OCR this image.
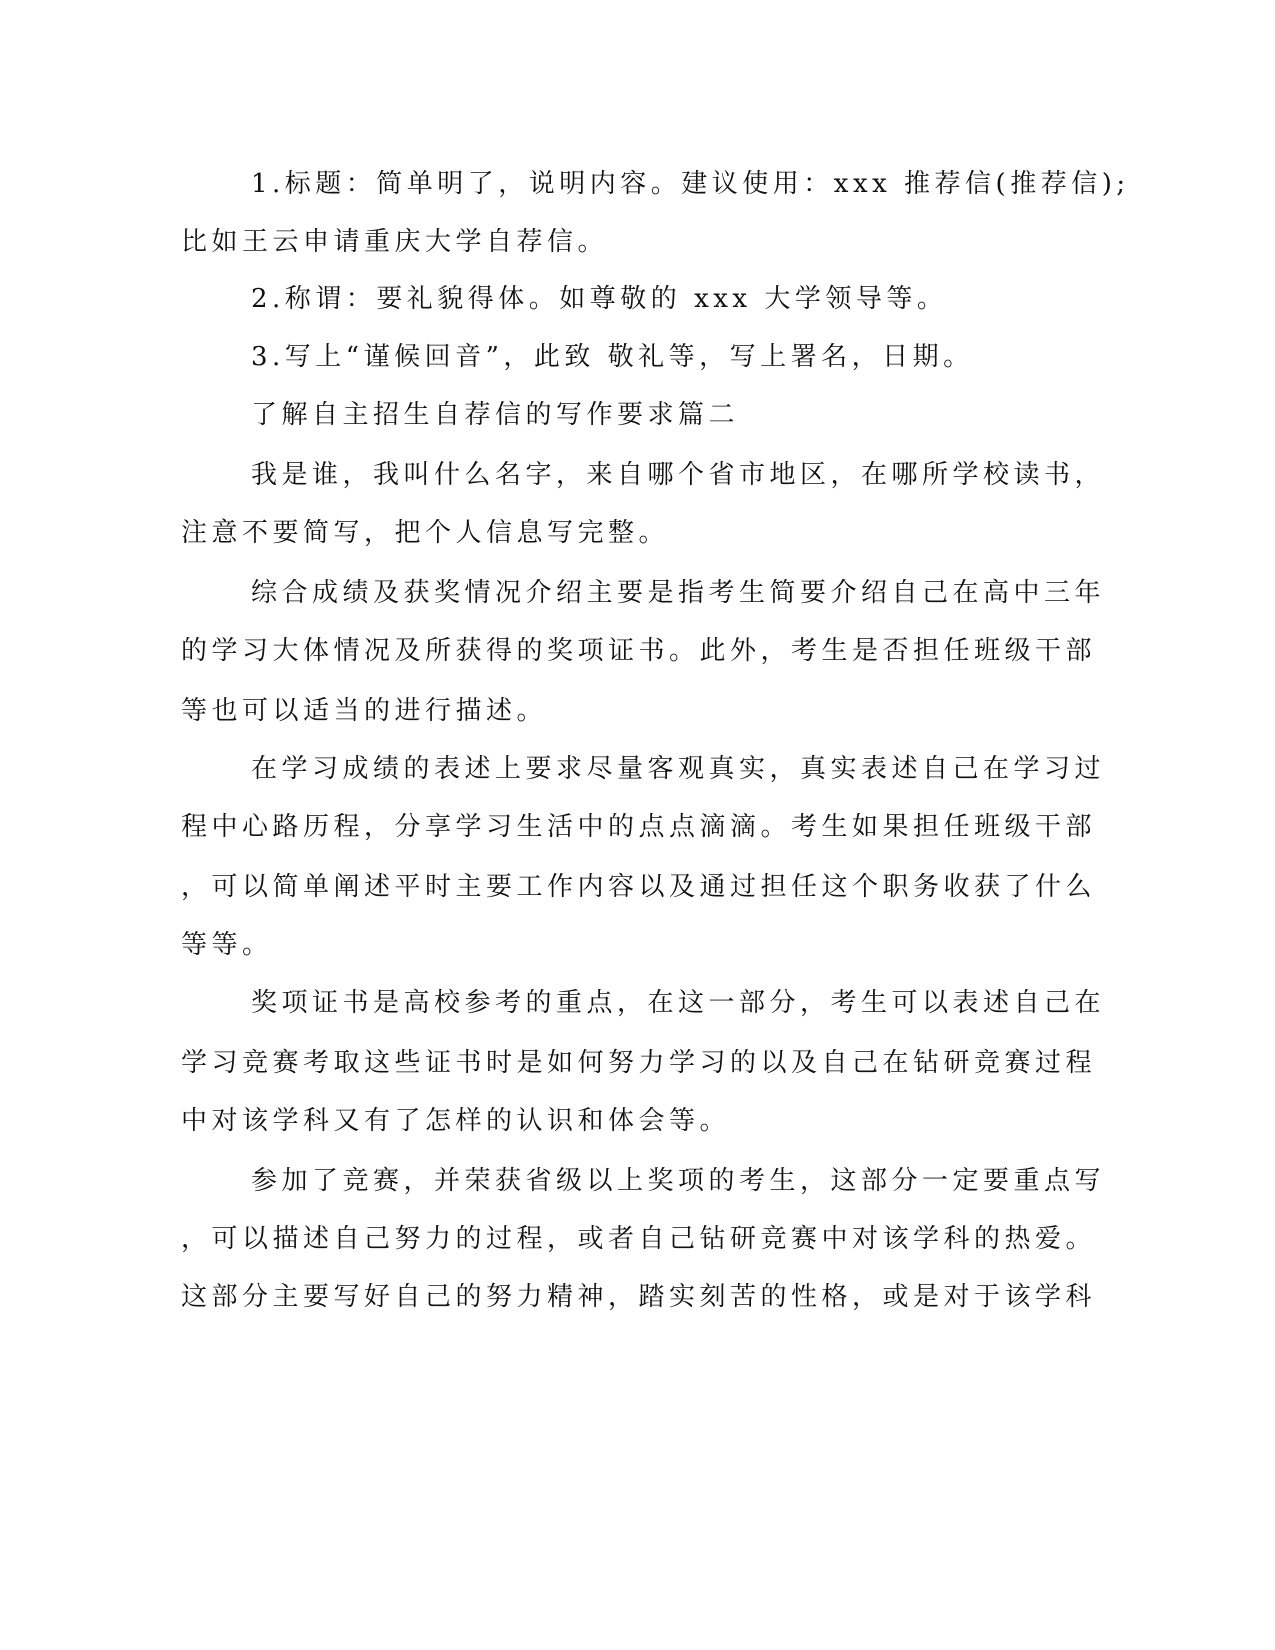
1.标题：简单明了，说明内容。建议使用：xxx 推荐信(推荐信);
比如王云申请重庆大学自荐信。
2.称谓：要礼貌得体。如尊敬的 xxx 大学领导等。
3.写上“谨候回音”，此致 敬礼等，写上署名，日期。
了解自主招生自荐信的写作要求篇二
我是谁，我叫什么名字，来自哪个省市地区，在哪所学校读书，
注意不要简写，把个人信息写完整。
综合成绩及获奖情况介绍主要是指考生简要介绍自己在高中三年
的学习大体情况及所获得的奖项证书。此外，考生是否担任班级干部
等也可以适当的进行描述。
在学习成绩的表述上要求尽量客观真实，真实表述自己在学习过
程中心路历程，分享学习生活中的点点滴滴。考生如果担任班级干部
，可以简单阐述平时主要工作内容以及通过担任这个职务收获了什么
等等。
奖项证书是高校参考的重点，在这一部分，考生可以表述自己在
学习竞赛考取这些证书时是如何努力学习的以及自己在钻研竞赛过程
中对该学科又有了怎样的认识和体会等。
参加了竞赛，并荣获省级以上奖项的考生，这部分一定要重点写
，可以描述自己努力的过程，或者自己钻研竞赛中对该学科的热爱。
这部分主要写好自己的努力精神，踏实刻苦的性格，或是对于该学科
